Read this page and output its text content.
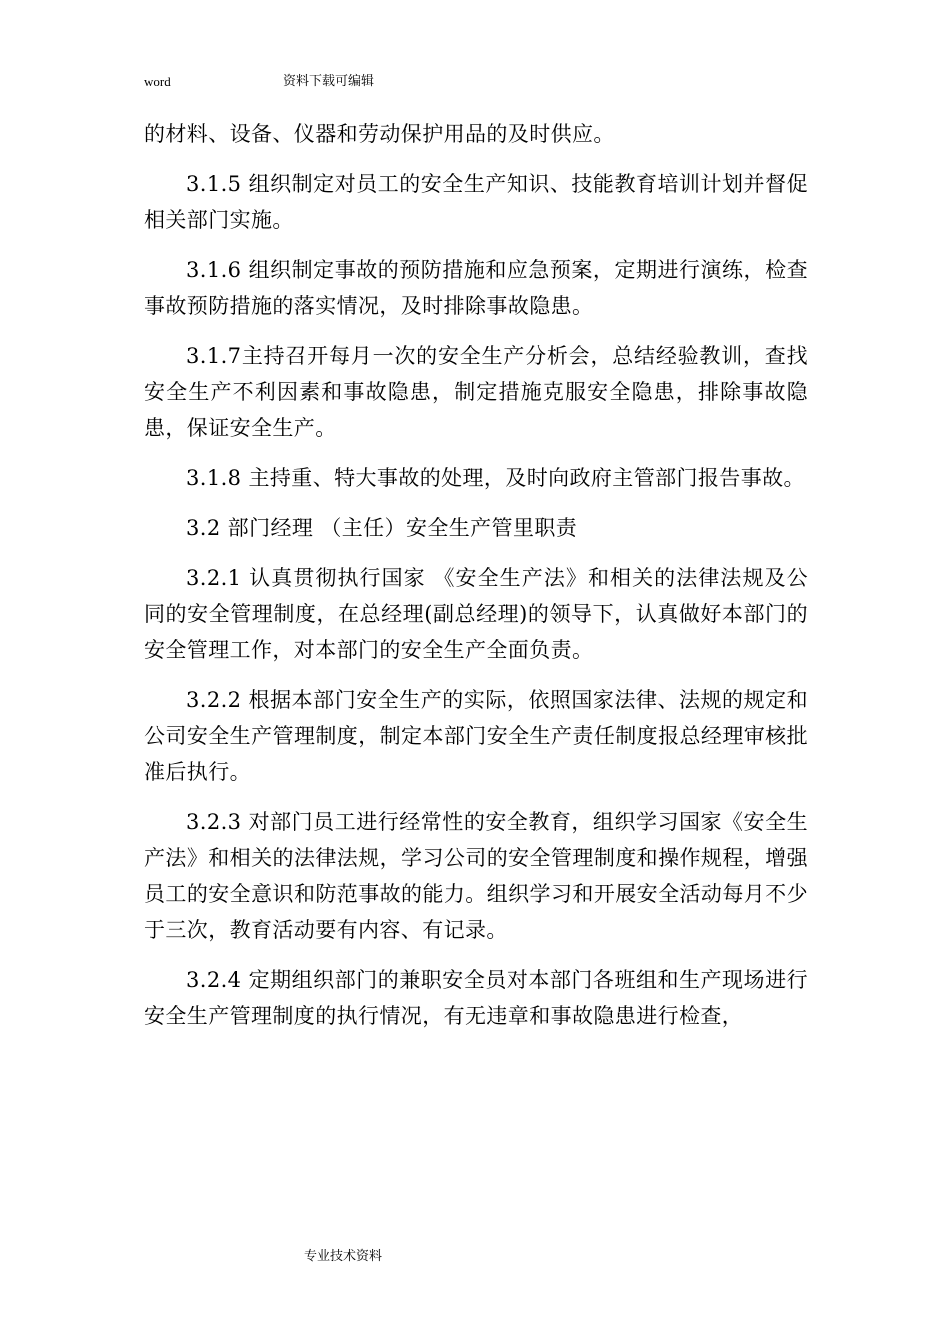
word	资料下载可编辑

的材料、设备、仪器和劳动保护用品的及时供应。

3.1.5 组织制定对员工的安全生产知识、技能教育培训计划并督促相关部门实施。

3.1.6 组织制定事故的预防措施和应急预案，定期进行演练，检查事故预防措施的落实情况，及时排除事故隐患。

3.1.7主持召开每月一次的安全生产分析会，总结经验教训，查找安全生产不利因素和事故隐患，制定措施克服安全隐患，排除事故隐患，保证安全生产。

3.1.8 主持重、特大事故的处理，及时向政府主管部门报告事故。

3.2 部门经理 （主任）安全生产管里职责

3.2.1 认真贯彻执行国家 《安全生产法》和相关的法律法规及公同的安全管理制度，在总经理(副总经理)的领导下，认真做好本部门的安全管理工作，对本部门的安全生产全面负责。

3.2.2 根据本部门安全生产的实际，依照国家法律、法规的规定和公司安全生产管理制度，制定本部门安全生产责任制度报总经理审核批准后执行。

3.2.3 对部门员工进行经常性的安全教育，组织学习国家《安全生产法》和相关的法律法规，学习公司的安全管理制度和操作规程，增强员工的安全意识和防范事故的能力。组织学习和开展安全活动每月不少于三次，教育活动要有内容、有记录。

3.2.4 定期组织部门的兼职安全员对本部门各班组和生产现场进行安全生产管理制度的执行情况，有无违章和事故隐患进行检查，

专业技术资料
